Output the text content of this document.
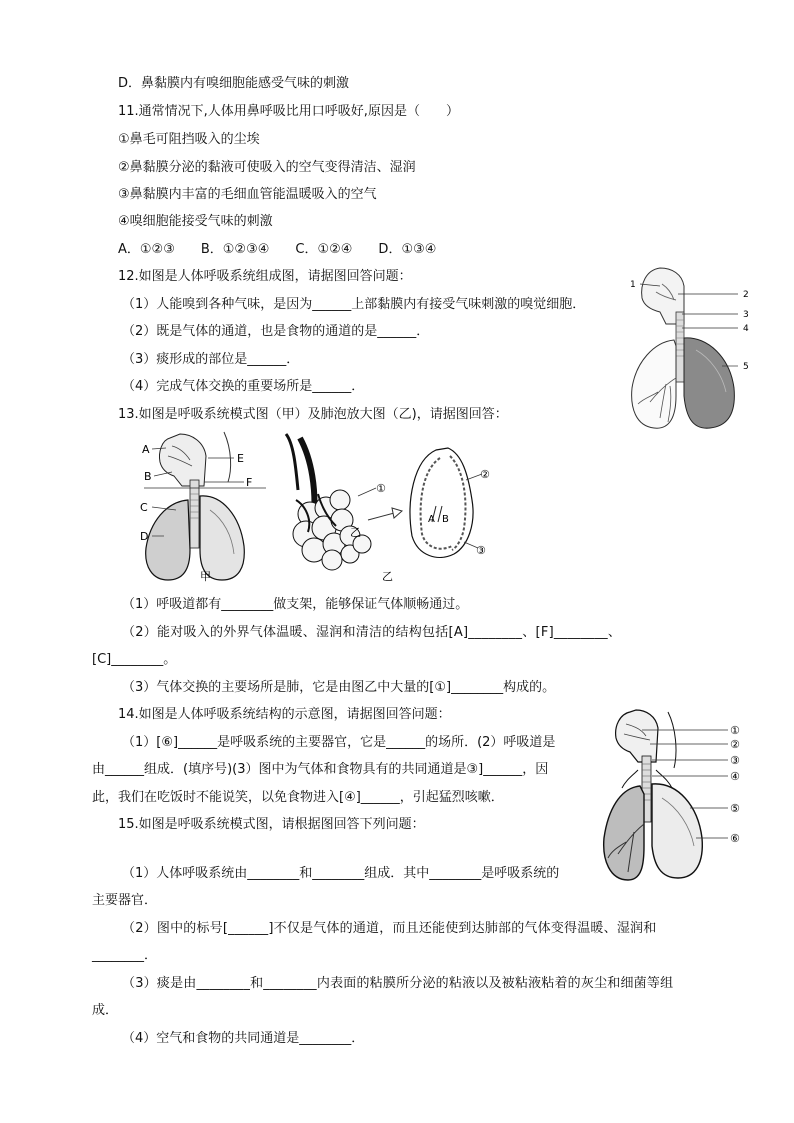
D．鼻黏膜内有嗅细胞能感受气味的刺激
11.通常情况下,人体用鼻呼吸比用口呼吸好,原因是（　　）
①鼻毛可阻挡吸入的尘埃
②鼻黏膜分泌的黏液可使吸入的空气变得清洁、湿润
③鼻黏膜内丰富的毛细血管能温暖吸入的空气
④嗅细胞能接受气味的刺激
A．①②③　　B．①②③④　　C．①②④　　D．①③④
12.如图是人体呼吸系统组成图，请据图回答问题：
（1）人能嗅到各种气味，是因为______上部黏膜内有接受气味刺激的嗅觉细胞．
（2）既是气体的通道，也是食物的通道的是______．
（3）痰形成的部位是______．
（4）完成气体交换的重要场所是______．
13.如图是呼吸系统模式图（甲）及肺泡放大图（乙)，请据图回答：
（1）呼吸道都有________做支架，能够保证气体顺畅通过。
（2）能对吸入的外界气体温暖、湿润和清洁的结构包括[A]________、[F]________、
[C]________。
（3）气体交换的主要场所是肺，它是由图乙中大量的[①]________构成的。
14.如图是人体呼吸系统结构的示意图，请据图回答问题：
（1）[⑥]______是呼吸系统的主要器官，它是______的场所．(2）呼吸道是
由______组成．(填序号)(3）图中为气体和食物具有的共同通道是③]______，因
此，我们在吃饭时不能说笑，以免食物进入[④]______，引起猛烈咳嗽．
15.如图是呼吸系统模式图，请根据图回答下列问题：
（1）人体呼吸系统由________和________组成．其中________是呼吸系统的
主要器官．
（2）图中的标号[______]不仅是气体的通道，而且还能使到达肺部的气体变得温暖、湿润和
________．
（3）痰是由________和________内表面的粘膜所分泌的粘液以及被粘液粘着的灰尘和细菌等组
成．
（4）空气和食物的共同通道是________．
1
2
3
4
5
A
B
C
D
E
F
甲
①
乙
乙
②
A B
③
①
②
③
④
⑤
⑥
